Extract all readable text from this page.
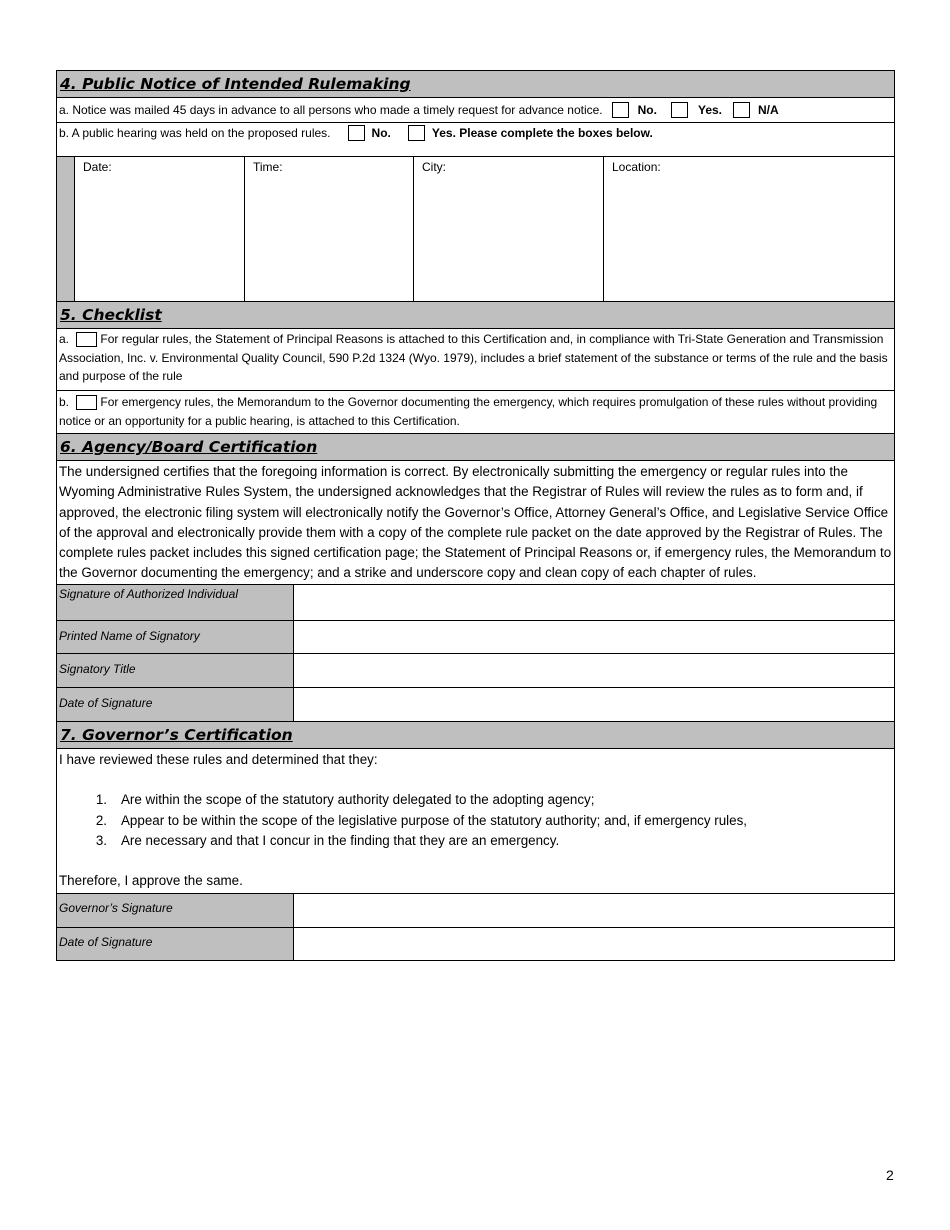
4. Public Notice of Intended Rulemaking
a. Notice was mailed 45 days in advance to all persons who made a timely request for advance notice.	No.	Yes.	N/A
b. A public hearing was held on the proposed rules.	No.	Yes. Please complete the boxes below.
Date:	Time:	City:	Location:
5. Checklist
a.	For regular rules, the Statement of Principal Reasons is attached to this Certification and, in compliance with Tri-State Generation and Transmission Association, Inc. v. Environmental Quality Council, 590 P.2d 1324 (Wyo. 1979), includes a brief statement of the substance or terms of the rule and the basis and purpose of the rule
b.	For emergency rules, the Memorandum to the Governor documenting the emergency, which requires promulgation of these rules without providing notice or an opportunity for a public hearing, is attached to this Certification.
6. Agency/Board Certification
The undersigned certifies that the foregoing information is correct. By electronically submitting the emergency or regular rules into the Wyoming Administrative Rules System, the undersigned acknowledges that the Registrar of Rules will review the rules as to form and, if approved, the electronic filing system will electronically notify the Governor’s Office, Attorney General’s Office, and Legislative Service Office of the approval and electronically provide them with a copy of the complete rule packet on the date approved by the Registrar of Rules. The complete rules packet includes this signed certification page; the Statement of Principal Reasons or, if emergency rules, the Memorandum to the Governor documenting the emergency; and a strike and underscore copy and clean copy of each chapter of rules.
Signature of Authorized Individual
Printed Name of Signatory
Signatory Title
Date of Signature
7. Governor’s Certification
I have reviewed these rules and determined that they:
1.	Are within the scope of the statutory authority delegated to the adopting agency;
2.	Appear to be within the scope of the legislative purpose of the statutory authority; and, if emergency rules,
3.	Are necessary and that I concur in the finding that they are an emergency.
Therefore, I approve the same.
Governor’s Signature
Date of Signature
2
